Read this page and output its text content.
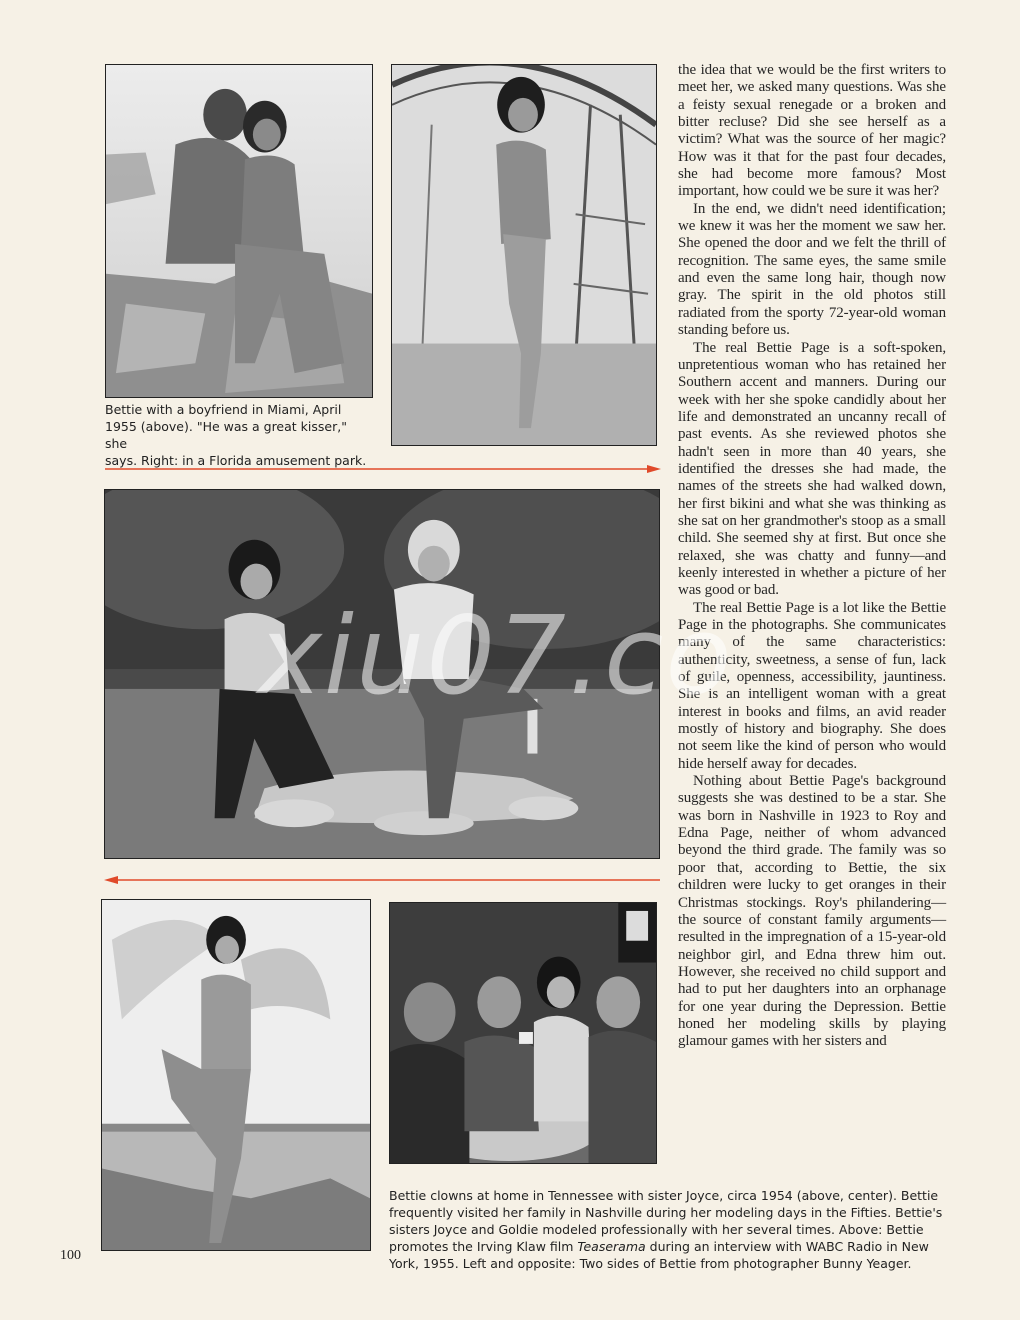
Bettie with a boyfriend in Miami, April
1955 (above). "He was a great kisser," she
says. Right: in a Florida amusement park.
Bettie clowns at home in Tennessee with sister Joyce, circa 1954 (above, center). Bettie
frequently visited her family in Nashville during her modeling days in the Fifties. Bettie's
sisters Joyce and Goldie modeled professionally with her several times. Above: Bettie
promotes the Irving Klaw film Teaserama during an interview with WABC Radio in New
York, 1955. Left and opposite: Two sides of Bettie from photographer Bunny Yeager.

the idea that we would be the first writers to meet her, we asked many questions. Was she a feisty sexual renegade or a broken and bitter recluse? Did she see herself as a victim? What was the source of her magic? How was it that for the past four decades, she had become more famous? Most important, how could we be sure it was her?

In the end, we didn't need identification; we knew it was her the moment we saw her. She opened the door and we felt the thrill of recognition. The same eyes, the same smile and even the same long hair, though now gray. The spirit in the old photos still radiated from the sporty 72-year-old woman standing before us.

The real Bettie Page is a soft-spoken, unpretentious woman who has retained her Southern accent and manners. During our week with her she spoke candidly about her life and demonstrated an uncanny recall of past events. As she reviewed photos she hadn't seen in more than 40 years, she identified the dresses she had made, the names of the streets she had walked down, her first bikini and what she was thinking as she sat on her grandmother's stoop as a small child. She seemed shy at first. But once she relaxed, she was chatty and funny—and keenly interested in whether a picture of her was good or bad.

The real Bettie Page is a lot like the Bettie Page in the photographs. She communicates many of the same characteristics: authenticity, sweetness, a sense of fun, lack of guile, openness, accessibility, jauntiness. She is an intelligent woman with a great interest in books and films, an avid reader mostly of history and biography. She does not seem like the kind of person who would hide herself away for decades.

Nothing about Bettie Page's background suggests she was destined to be a star. She was born in Nashville in 1923 to Roy and Edna Page, neither of whom advanced beyond the third grade. The family was so poor that, according to Bettie, the six children were lucky to get oranges in their Christmas stockings. Roy's philandering—the source of constant family arguments—resulted in the impregnation of a 15-year-old neighbor girl, and Edna threw him out. However, she received no child support and had to put her daughters into an orphanage for one year during the Depression. Bettie honed her modeling skills by playing glamour games with her sisters and

xiu07.co
100
